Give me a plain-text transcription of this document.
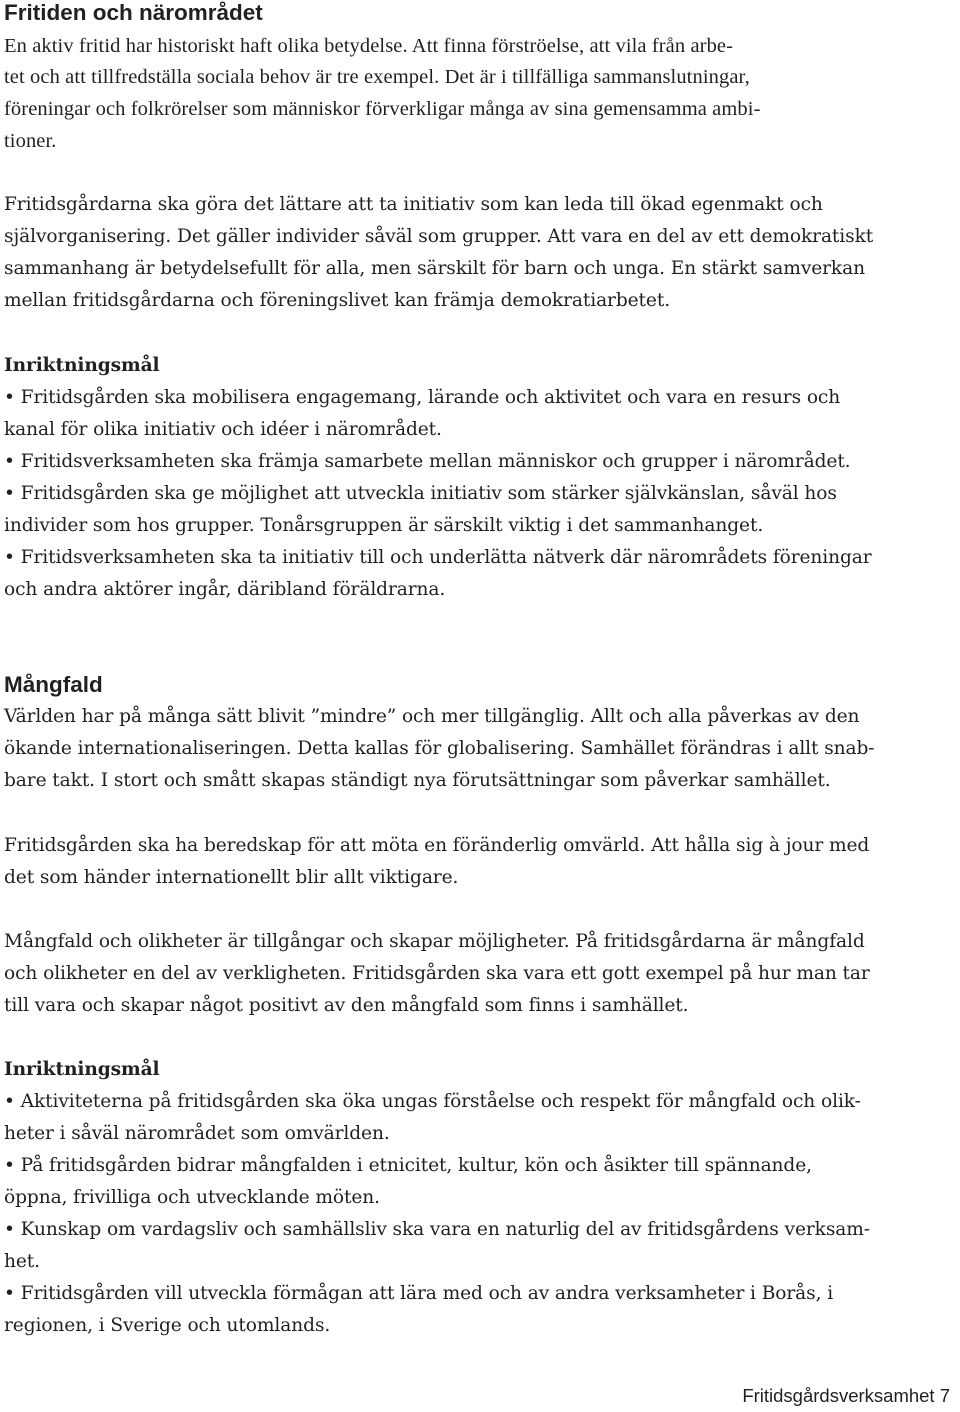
Fritiden och närområdet
En aktiv fritid har historiskt haft olika betydelse. Att finna förströelse, att vila från arbe-
tet och att tillfredställa sociala behov är tre exempel. Det är i tillfälliga sammanslutningar,
föreningar och folkrörelser som människor förverkligar många av sina gemensamma ambi-
tioner.
Fritidsgårdarna ska göra det lättare att ta initiativ som kan leda till ökad egenmakt och
självorganisering. Det gäller individer såväl som grupper. Att vara en del av ett demokratiskt
sammanhang är betydelsefullt för alla, men särskilt för barn och unga. En stärkt samverkan
mellan fritidsgårdarna och föreningslivet kan främja demokratiarbetet.
Inriktningsmål
• Fritidsgården ska mobilisera engagemang, lärande och aktivitet och vara en resurs och
kanal för olika initiativ och idéer i närområdet.
• Fritidsverksamheten ska främja samarbete mellan människor och grupper i närområdet.
• Fritidsgården ska ge möjlighet att utveckla initiativ som stärker självkänslan, såväl hos
individer som hos grupper. Tonårsgruppen är särskilt viktig i det sammanhanget.
• Fritidsverksamheten ska ta initiativ till och underlätta nätverk där närområdets föreningar
och andra aktörer ingår, däribland föräldrarna.
Mångfald
Världen har på många sätt blivit ”mindre” och mer tillgänglig. Allt och alla påverkas av den
ökande internationaliseringen. Detta kallas för globalisering. Samhället förändras i allt snab-
bare takt. I stort och smått skapas ständigt nya förutsättningar som påverkar samhället.
Fritidsgården ska ha beredskap för att möta en föränderlig omvärld. Att hålla sig à jour med
det som händer internationellt blir allt viktigare.
Mångfald och olikheter är tillgångar och skapar möjligheter. På fritidsgårdarna är mångfald
och olikheter en del av verkligheten. Fritidsgården ska vara ett gott exempel på hur man tar
till vara och skapar något positivt av den mångfald som finns i samhället.
Inriktningsmål
• Aktiviteterna på fritidsgården ska öka ungas förståelse och respekt för mångfald och olik-
heter i såväl närområdet som omvärlden.
• På fritidsgården bidrar mångfalden i etnicitet, kultur, kön och åsikter till spännande,
öppna, frivilliga och utvecklande möten.
• Kunskap om vardagsliv och samhällsliv ska vara en naturlig del av fritidsgårdens verksam-
het.
• Fritidsgården vill utveckla förmågan att lära med och av andra verksamheter i Borås, i
regionen, i Sverige och utomlands.
Fritidsgårdsverksamhet 7
